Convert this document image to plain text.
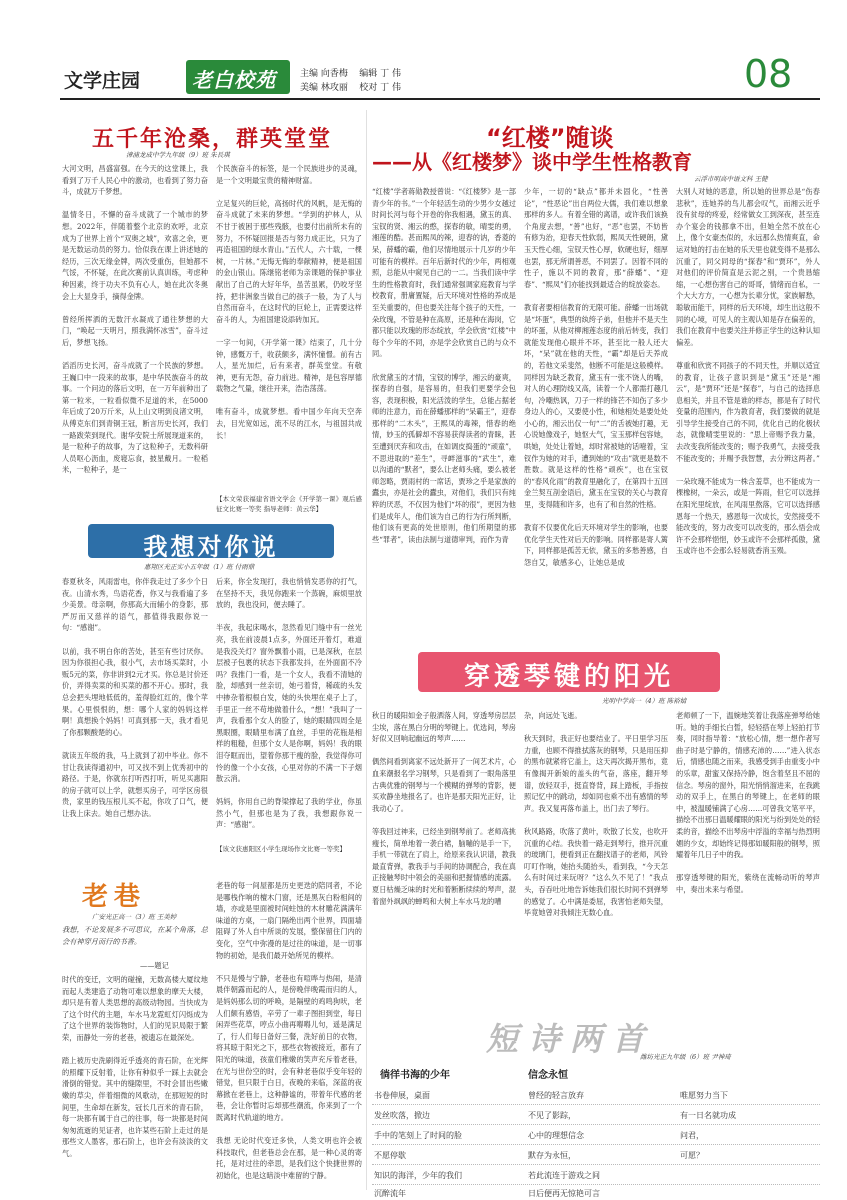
文学庄园	老白校苑	主编 向香梅    编辑 丁 伟
美编 林攻丽    校对 丁 伟	08
五千年沧桑，群英堂堂
漳浦龙成中学九年级（9）班 朱長琪
大河文明，昌盛富强。在今天的这堂课上，我看到了万千人民心中的激动，也看到了努力奋斗，成就万千梦想。

温情冬日，不懈的奋斗成就了一个城市的梦想。2022年，伴随着整个北京的欢呼，北京成为了世界上首个“双奥之城”，欢喜之余，更是无数运动员的努力。恰似我在课上讲述她的经历，三次无缘金牌，两次受重伤，但她都不气馁，不怀疑，在此次赛前认真训练，考虑种种因素，终于功夫不负有心人，她在此次冬奥会上大显身手，摘得金牌。

曾经所挥洒的无数汗水凝成了通往梦想的大门，“唤起一天明月，照我满怀冰雪”，奋斗过后，梦想飞扬。

滔滔历史长河，奋斗成就了一个民族的梦想。王巍口中一段来的故事，是中华民族奋斗的故事。一个问边的落后文明，在一万年前种出了第一粒米，一粒看似微不足道的米，在5000年后成了20万斤米，从上山文明到良渚文明，从傅克东们到青铜王冠，断言历史长河，我们一路跋荣到现代。谢华安院士所展现道来的，是一粒种子的故事，为了这粒种子，无数科研人员呕心沥血，废寝忘食，披星戴月。一粒稻米，一粒种子，是一
个民族奋斗的标签，是一个民族进步的灵魂，是一个文明最宝贵的精神财富。

立足复兴的巨轮，高扬时代的风帆，是无悔的奋斗成就了未来的梦想。“学到的护林人，从不甘于被困于那些残骸，也要付出前所未有的努力，不怀疑回报是否与努力成正比，只为了再造祖国的绿水青山。”五代人，六十载，一棵树，一片林。”无悔无悔的奉献精神，便是祖国的金山银山。陈继铭老师为亲课题的保护事业献出了自己的大好年华，虽苦虽累，仍咬牙坚持，把非洲象当做自己的孩子一般，为了人与自然而奋斗，在这时代的巨轮上，正需要这样奋斗的人，为祖国建设添砖加瓦。

一字一句间，《开学第一课》结束了，几十分钟，感慨万千，收获颇多，满怀憧憬。前有古人，星光加烂，后有来者，群英堂堂。有敬神，更有无怨，奋力前进。精神，是包容厚德载物之气量，继往开来，浩浩荡荡。

唯有奋斗，成就梦想。看中国少年向天空奔去，目光宽如远，流不尽的江水，与祖国共成长！
【本文荣获福建省语文学会《开学第一课》观后感征文比赛一等奖 指导老师：黄云华】
“红楼”随谈
——从《红楼梦》谈中学生性格教育
云浮市明高中语文科 王健
“红楼”学者蒋勋教授曾说：“《红楼梦》是一部青少年的书。”一个年轻活生动的少男少女越过时间长河与每个开卷的你我相遇，黛玉的真、宝钗的贤、湘云的憨，探春的敏，晴雯的勇，湘莲的酷。甚而熙凤的辣，迎春的讷，香菱的呆，薛蟠的霸，他们尽情地展示十几岁的少年可能有的模样。百年后新时代的少年，两相观照，总能从中窥见自己的一二。当我们读中学生的性格教育时，我们通常强调家庭教育与学校教育，册庸置疑，后天环境对性格的养成是至关重要的，但也要关注每个孩子的天性，一朵玫瑰，不管是种在高原，还是种在海岗，它都只能以玫瑰的形态绽放，学会欣赏“红楼”中每个少年的不同，亦是学会欣赏自己的与众不同。

欣赏黛玉的才情，宝钗的博学，湘云的豪爽，探春的自强，是容易的，但我们更要学会包容，表现积极，阳光活泼的学生，总能占据老师的注意力，而在薛蟠那样的“呆霸王”，迎春那样的“二木头”，王熙凤的毒辣，惜春的绝情，妙玉的孤僻却不容易获得读者的青睐，甚至遭到厌弃和攻击，在如调皮捣蛋的“顽童”，不思进取的“差生”，寻衅滋事的“武生”，难以沟通的“默者”，要么让老师头痛，要么被老师忽略，贾雨村的一席话，贾珍之乎是家族的蠹虫，亦是社会的蠹虫，对他们，我们只有纯粹的厌恶，不仅因为他们“坏的很”，更因为他们是成年人，他们该为自己的行为行所判断，他们该有更高的处世原则，他们所期望的那些“罪者”，读由法制与道德审判，而作为青
少年，一切的“缺点”都并未固化，“性善论”，“性恶论”出自两位大儒，我们难以想象那样的多人。有着全错的离谱，或许我们该换个角度去想，“善”也好，“恶”也罢，不妨皆有修为治，迎春天性软弱，熙凤天性硬朗，黛玉天性心细，宝钗天性心厚，软硬也好，细厚也罢，那无所谓善恶，不同罢了。因着不同的性子，施以不同的教育，那“薛蟠”、“迎春”、“熙凤”们亦能找到最适合的绽放姿态。

教育者要相信教育的无限可能。薛蟠一出场就是“坏蛋”，典型的纨绔子弟，但他并不是天生的坏蛋，从他对柳湘莲态度的前后转变，我们就能发现他心眼并不坏，甚至比一般人还大坏，“呆”就在他的天性，“霸”却是后天养成的，若他文采斐然，他断不可能是这般模样。同样因为缺乏教育，黛玉有一张不饶人的嘴，对人的心理防线又高，读着一个人都需打趣几句，冷嘲热讽，刀子一样的锋芒不知伤了多少身边人的心，又要使小性，和她相处是要处处小心的，湘云出仅一句“二”的舌被她打趣，无心说她像戏子，她怄大气，宝玉那样包容她，哄她，处处让着她，却时常被她的话噎着，宝钗作为她的对手，遭到她的“攻击”就更是数不胜数。就是这样的性格“顽疾”，也在宝钗的“春风化雨”的教育里融化了，在第四十五回金兰契互剖金语后，黛玉在宝钗的关心与教育里，变得随和许多，也有了和自然的性格。

教育不仅要优化后天环境对学生的影响，也要优化学生天性对后天的影响。同样都是寄人篱下，同样都是孤苦无依，黛玉的多愁善感，自怨自艾，敏感多心，让她总是成
大别人对她的恶意，所以她的世界总是“伤春悲秋”，连她养的鸟儿都会叹气，而湘云近乎没有贫母的疼爱，经常做女工到深夜，甚至连办个宴会的钱都拿不出，但她全然不放在心上，像个女豪杰似的，永远那么热情爽直，命运对她的打击在她的乐天里也就变得不是那么沉重了，同父同母的“探春”和“贾环”，外人对他们的评价简直是云泥之别，一个贵恳缩缩，一心想伤害自己的哥哥，情绪而自私，一个大大方方，一心想为长辈分忧，家族解愁，聪敏而能干，同样的后天环境，却生出这般不同的心境，可见人的主观认知是存在偏差的，我们在教育中也要关注并修正学生的这种认知偏差。

尊重和欣赏不同孩子的不同天性，并顺以适宜的教育，让孩子意识到是“黛玉”还是“湘云”，是“贾环”还是“探春”，与自己的选择息息相关，并且不管是谁的样态，都是有了时代变量的范围内，作为教育者，我们要做的就是引导学生接受自己的不同，优化自己的化极状态，就像晴雯里说的：“思上帝赐予我力量，去改变我所能改变的；赐予我勇气，去接受我不能改变的；并赐予我智慧，去分辨这两者。”

一朵玫瑰不能成为一株含羞草，也不能成为一棵橡树，一朵云，或是一阵雨，但它可以选择在阳光里绽放，在风雨里熬落，它可以选择感恩每一个热天，感恩每一次成长，安然接受不能改变的，努力改变可以改变的，那么悟会成许不会那样悒悒，妙玉或许不会那样孤傲，黛玉或许也不会那么轻易就香消玉殒。
我想对你说
惠翔区光正实小五年级（1）班 付雨鼎
春夏秋冬，风雨雷电，你伴我走过了多少个日夜。山清水秀，鸟语花香，你又与我看遍了多少美景。母亲啊，你那高大而辅小的身影，那严厉而又慈祥的语气，都值得我跟你说一句：“感谢”。

以前，我不明白你的苦处，甚至有些讨厌你。因为你很担心我，很小气，去市场买菜时，小贩5元的菜，你非讲到2元才买。你总是讨价还价，弄得卖菜的和买菜的都不开心。那时，我总会把头埋地低低的，羞得脸红红的，像个苹果。心里恨恨的，想：哪个人家的妈妈这样啊！真想换个妈妈！可真到那一天，我才看见了你那颗酸楚的心。

就读五年级的我，马上就到了初中毕业。你不甘让我读得通初中，可又找不到上优秀初中的路径。于是，你就东打听西打听，听见买惠阳的房子就可以上学，就想买房子，可学区房很贵，家里的钱压根儿买不起，你攻了口气，便让我上床去。她自己想办法。
后来，你全发现打，我也悄悄发恶你的打气，在坚持不天，我见你跑来一个蒸碗，麻烦里放放的，我也没问，便去睡了。

半夜，我起床喝水，忽然看见门缝中有一丝光亮，我在前凌晨1点多，外面还开着灯，难道是我没关灯？窗外飘着小雨，已是深秋，在层层被子包裹的状态下我都发抖，在外面面不冷吗？我推门一看，是一个女人，我看不清她的脸，却感到一丝亲切，她弓着背，稀疏的头发中掺杂着根根白发，她的头快埋在桌子上了，手里正一丝不苟地做着什么，“想！”我叫了一声，我看那个女人的脸了，她的眼睛四周全是黑眼圈，眼睛里布满了血丝，手里的花瓶是相样的粗糙，但那个女人是你啊，妈妈！我的眼泪夺眶而出，望着你那干瘦的脸，我觉得你可怜的像一个小女孩，心里对你的不满一下子烟散云消。

妈妈，你用自己的脊梁撑起了我的学业，你虽然小气，但那也是为了我，我想跟你说一声：“感谢”。
【该文获惠阳区小学生现场作文比赛一等奖】
老巷
广安光正高一（3）班 王美婷
我想，不论发展多不可思议，在某个角落，总会有神穿月而行的书香。
——题记
时代的变迁，文明的碰撞，无数高楼大厦纹地而起人类建造了动物可难以想象的摩天大楼，却只是有着人类思想的高级动物园。当快成为了这个时代的主题，车水马龙霓虹灯闪烁成为了这个世界的装饰物时，人们的见识局限于繁荣，而静处一旁的老巷，被遗忘在最深处。

踏上被历史洗刷得近乎透亮的青石阶，在光辉的照耀下反射着，让你有种似乎一踩上去就会滑倒的错觉。其中的缝隙里，不时会冒出些嫩嫩的草尖，伴着细微的风歌动，在那短短的时间里，生命却在新发，冠长几百米的青石阶，每一块都有属于自己的往事，每一块都是时间匆匆流逝的见证者，也许某些石阶上走过的是那些文人墨客，那石阶上，也许会有淡淡的文气。
老巷的每一间屋都是历史更迭的陪同者，不论是哪栈作响的檀木门窗，还是黑灰白粉相间的墙，亦或是里面被时间蛀蚀的木材雕花满满年味道的方桌，一扇门隔绝出两个世界，四面墙阻碍了外人自中所谈的发展，整保留住门内的变化，空气中弥漫的是过往的味道，是一切事物的初始，是我们最开始所见的模样。

不只是慢与宁静，老巷也有喧哗与热闹，是清晨伴朝露而起的人，是傍晚伴晚霞而归的人，是妈妈那么切的呼唤，是隔壁的鸡鸣狗吠，老人们颇有感悟，辛劳了一辈子图担到堂，每日闲弄些花草，哼点小曲再嘚嘚儿句，遥是满足了，行人们每日备好三餐，洗好前日的衣物，将其晾于阳光之下，那些衣物被接近，都有了阳光的味道，孩童们稚嫩的笑声充斥着老巷，在光与世份空的时，会有种老巷似乎变年轻的错觉，但只限于白日，夜晚的来临，深蓝的夜幕掀在老巷上，这种静谧的，带着年代感的老巷，会让你暂时忘却那些潮流，你来到了一个既离时代轨道的地方。

我想 无论时代变迁多快，人类文明也许会被科技取代，但老巷总会在那，是一种心灵的寄托，是对过往的牵思，是我们这个快捷世界的初始化，也是这暗淡中难留的宁静。
穿透琴键的阳光
光明中学高一（4）班 陈裕婧
秋日的暖阳如金子般洒落人间，穿透琴房层层尘埃，落在黑白分明的琴键上。优选间，琴房好似又回响起幽远的琴声……

偶然间看到离家不远处新开了一间艺术片，心血来潮报名学习钢琴，只是看到了一眼角落里古典优雅的钢琴与一个模糊的弹琴的背影，便买欢静坐地报名了。也许是那天阳光正好，让我动心了。

等我回过神来，已经坐到钢琴前了。老师高挑瘦长，简单地着一袭白裙，脑嘣的是手一下，手机一带就在了肩上，给原来我认识谱，教我最直背弹，教我手与手间的协调配合，我在真正接触琴时中领会的美丽和把握情感的流露。夏日枯燥乏味的时光和着断断续续的琴声，混着窗外飒飒的蝉鸣和大树上车水马龙的嘈
杂，向远处飞逝。

秋天到时，我正好也要结业了。平日里学习压力重，也顾不得推拭落灰的钢琴，只是用压抑的黑布就紧将它盖上，这天再次揭开黑布，竟有像揭开新娘的盖头的气奋，落座，翻开琴谱，放轻双手，挺直脊背，踩上踏板，手指按照记忆中的跳动，却如同也乘不出有感情的琴声。我又复再落布盖上，出门去了琴行。

秋风路路，吹落了黄叶，吹散了长发，也吹开沉重的心结。我快着一路走到琴行，推开沉重的玻璃门，便看到正在翻找谱子的老师，风铃叮叮作响，她抬头随抬头，看到我，“今天怎么有时间过来玩呀？”这么久不见了！”我点头，吞吞吐吐地告诉她我们很长时间不到弹琴的感觉了。心中满是委屈，我害怕老师失望，毕竟她曾对我倾注无数心血。
老师顿了一下，温婉地笑着让我落座弹琴给她听。她的手细长白皙，轻轻搭在琴上轻拍打节奏，同时指导着：“放松心情，想一想作者写曲子时是宁静的，情感充沛的……”进入状态后，情感也随之而来，我感受到手由重变小中的乐章，甜蜜又保持冷静，饱含着坚且不屈的信念。琴房的窗外，阳光悄悄溜进来，在我跳动的双手上，在黑白的琴键上，在老师的眼中，被温暖铺满了心房……可曾我文笔平平，描绘不出那日温暖耀眼的阳光与纷到处处的轻柔的音，描绘不出琴房中浮溢的幸福与热烈明媚的少女，却始终记得那如暖阳般的钢琴，照耀着年几日子中的我。

那穿透琴键的阳光，紫绕在流畅动听的琴声中，奏出未来与希望。
短诗两首
潍坊光正九年级（6）班 尹神琦
徜徉书海的少年	信念永恒
书卷伸展，桌面
发丝吹落，掀边
手中的笔刻上了时间的脸
不愿停歇
知识的海洋，少年的我们
沉醉流年
曾经的轻言放弃
不见了影踪，
心中的理想信念
默存为永恒，
若此流连于游戏之间
日后便再无惊艳可言
唯愿努力当下
有一日名就功成
问君，
可愿？
